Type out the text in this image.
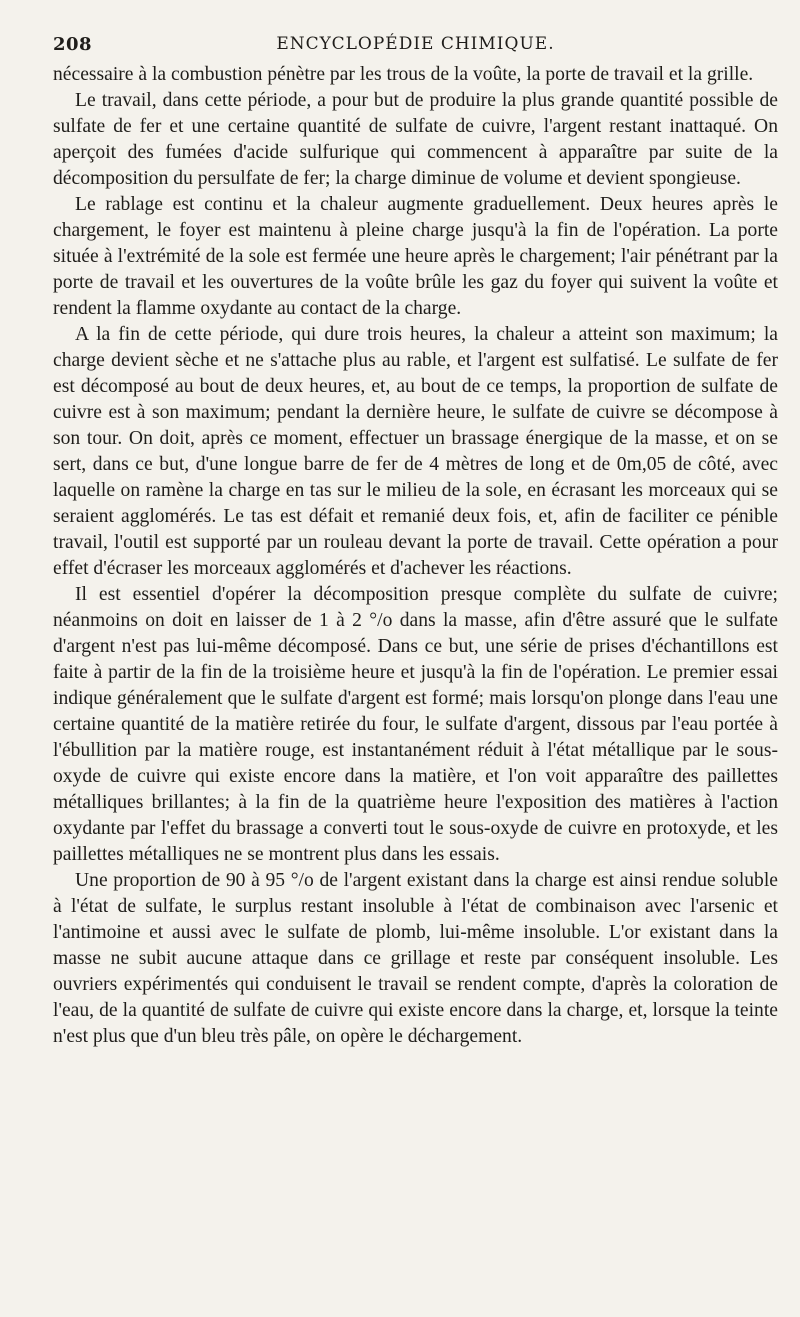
208	ENCYCLOPÉDIE CHIMIQUE.

nécessaire à la combustion pénètre par les trous de la voûte, la porte de travail et la grille.

Le travail, dans cette période, a pour but de produire la plus grande quantité possible de sulfate de fer et une certaine quantité de sulfate de cuivre, l'argent restant inattaqué. On aperçoit des fumées d'acide sulfurique qui commencent à apparaître par suite de la décomposition du persulfate de fer; la charge diminue de volume et devient spongieuse.

Le rablage est continu et la chaleur augmente graduellement. Deux heures après le chargement, le foyer est maintenu à pleine charge jusqu'à la fin de l'opération. La porte située à l'extrémité de la sole est fermée une heure après le chargement; l'air pénétrant par la porte de travail et les ouvertures de la voûte brûle les gaz du foyer qui suivent la voûte et rendent la flamme oxydante au contact de la charge.

A la fin de cette période, qui dure trois heures, la chaleur a atteint son maximum; la charge devient sèche et ne s'attache plus au rable, et l'argent est sulfatisé. Le sulfate de fer est décomposé au bout de deux heures, et, au bout de ce temps, la proportion de sulfate de cuivre est à son maximum; pendant la dernière heure, le sulfate de cuivre se décompose à son tour. On doit, après ce moment, effectuer un brassage énergique de la masse, et on se sert, dans ce but, d'une longue barre de fer de 4 mètres de long et de 0m,05 de côté, avec laquelle on ramène la charge en tas sur le milieu de la sole, en écrasant les morceaux qui se seraient agglomérés. Le tas est défait et remanié deux fois, et, afin de faciliter ce pénible travail, l'outil est supporté par un rouleau devant la porte de travail. Cette opération a pour effet d'écraser les morceaux agglomérés et d'achever les réactions.

Il est essentiel d'opérer la décomposition presque complète du sulfate de cuivre; néanmoins on doit en laisser de 1 à 2 °/o dans la masse, afin d'être assuré que le sulfate d'argent n'est pas lui-même décomposé. Dans ce but, une série de prises d'échantillons est faite à partir de la fin de la troisième heure et jusqu'à la fin de l'opération. Le premier essai indique généralement que le sulfate d'argent est formé; mais lorsqu'on plonge dans l'eau une certaine quantité de la matière retirée du four, le sulfate d'argent, dissous par l'eau portée à l'ébullition par la matière rouge, est instantanément réduit à l'état métallique par le sous-oxyde de cuivre qui existe encore dans la matière, et l'on voit apparaître des paillettes métalliques brillantes; à la fin de la quatrième heure l'exposition des matières à l'action oxydante par l'effet du brassage a converti tout le sous-oxyde de cuivre en protoxyde, et les paillettes métalliques ne se montrent plus dans les essais.

Une proportion de 90 à 95 °/o de l'argent existant dans la charge est ainsi rendue soluble à l'état de sulfate, le surplus restant insoluble à l'état de combinaison avec l'arsenic et l'antimoine et aussi avec le sulfate de plomb, lui-même insoluble. L'or existant dans la masse ne subit aucune attaque dans ce grillage et reste par conséquent insoluble. Les ouvriers expérimentés qui conduisent le travail se rendent compte, d'après la coloration de l'eau, de la quantité de sulfate de cuivre qui existe encore dans la charge, et, lorsque la teinte n'est plus que d'un bleu très pâle, on opère le déchargement.
